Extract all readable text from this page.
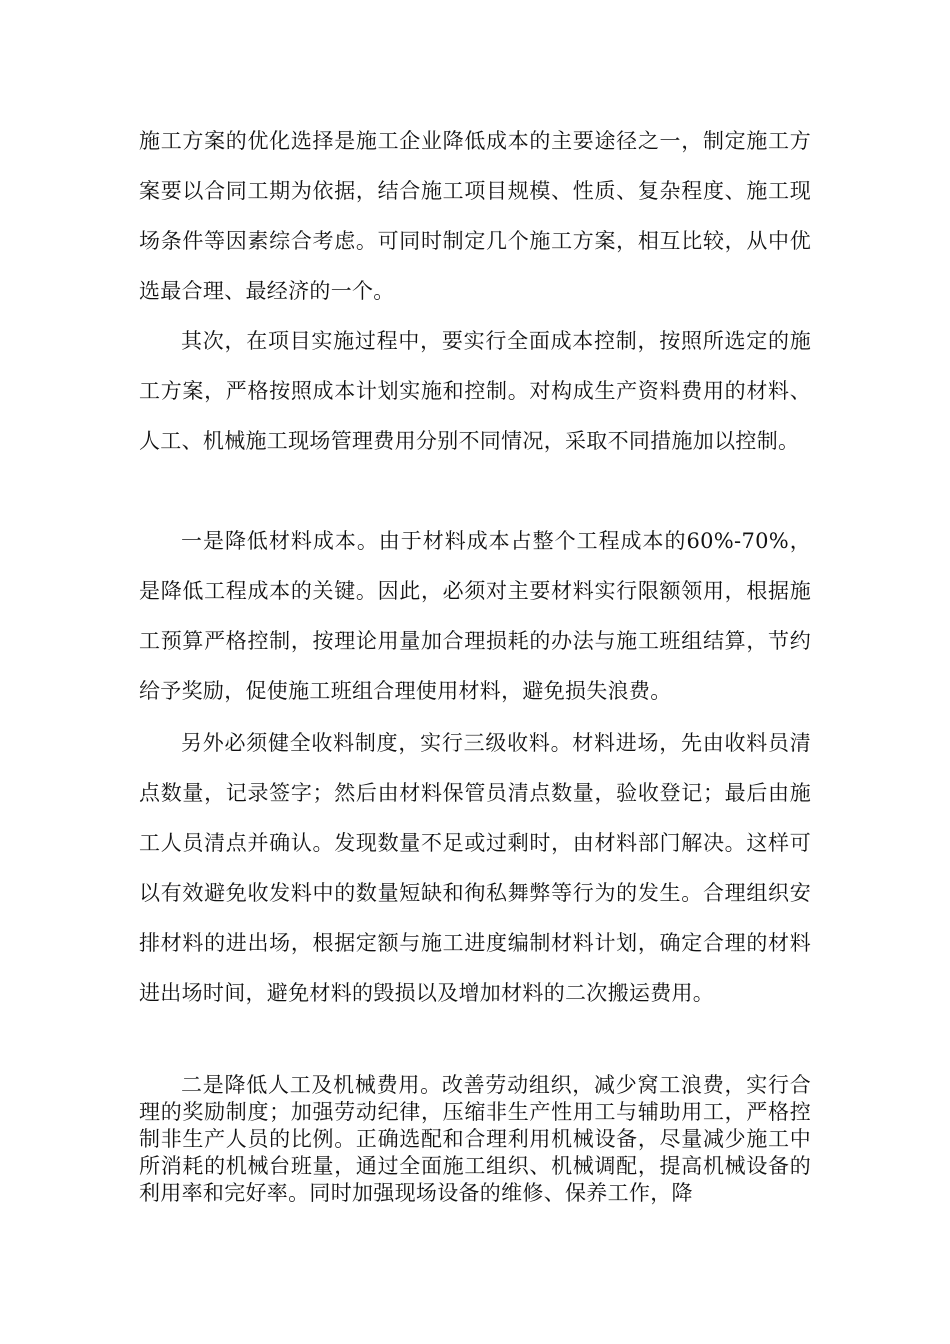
施工方案的优化选择是施工企业降低成本的主要途径之一，制定施工方案要以合同工期为依据，结合施工项目规模、性质、复杂程度、施工现场条件等因素综合考虑。可同时制定几个施工方案，相互比较，从中优选最合理、最经济的一个。

其次，在项目实施过程中，要实行全面成本控制，按照所选定的施工方案，严格按照成本计划实施和控制。对构成生产资料费用的材料、人工、机械施工现场管理费用分别不同情况，采取不同措施加以控制。

一是降低材料成本。由于材料成本占整个工程成本的60%-70%，是降低工程成本的关键。因此，必须对主要材料实行限额领用，根据施工预算严格控制，按理论用量加合理损耗的办法与施工班组结算，节约给予奖励，促使施工班组合理使用材料，避免损失浪费。

另外必须健全收料制度，实行三级收料。材料进场，先由收料员清点数量，记录签字；然后由材料保管员清点数量，验收登记；最后由施工人员清点并确认。发现数量不足或过剩时，由材料部门解决。这样可以有效避免收发料中的数量短缺和徇私舞弊等行为的发生。合理组织安排材料的进出场，根据定额与施工进度编制材料计划，确定合理的材料进出场时间，避免材料的毁损以及增加材料的二次搬运费用。

二是降低人工及机械费用。改善劳动组织，减少窝工浪费，实行合理的奖励制度；加强劳动纪律，压缩非生产性用工与辅助用工，严格控制非生产人员的比例。正确选配和合理利用机械设备，尽量减少施工中所消耗的机械台班量，通过全面施工组织、机械调配，提高机械设备的利用率和完好率。同时加强现场设备的维修、保养工作，降
